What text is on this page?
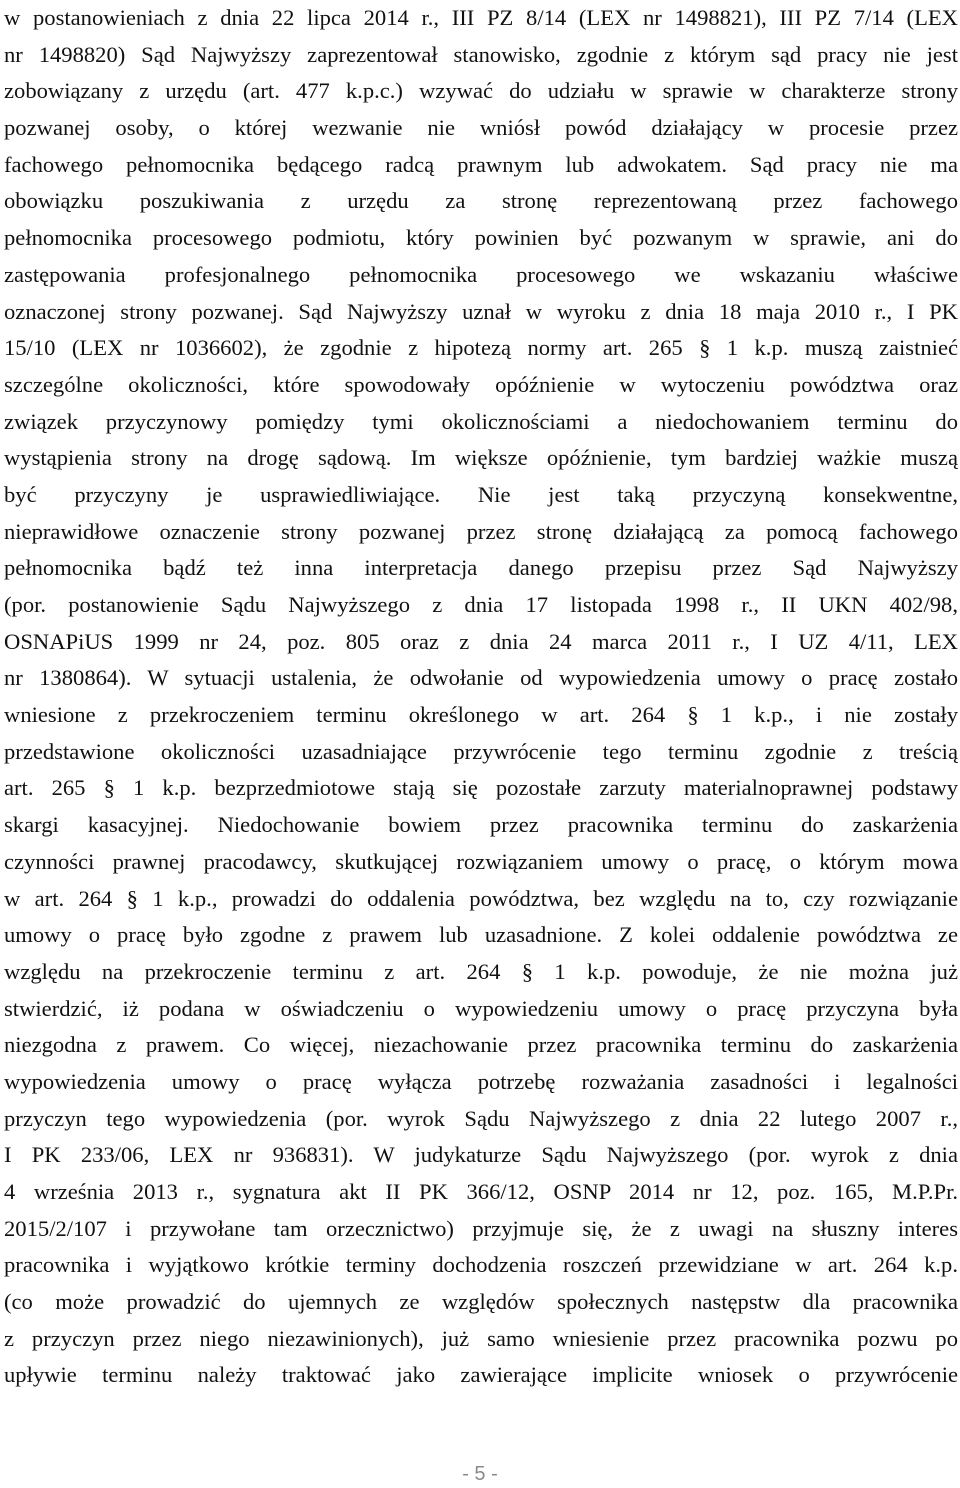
w postanowieniach z dnia 22 lipca 2014 r., III PZ 8/14 (LEX nr 1498821), III PZ 7/14 (LEX
nr 1498820) Sąd Najwyższy zaprezentował stanowisko, zgodnie z którym sąd pracy nie jest
zobowiązany z urzędu (art. 477 k.p.c.) wzywać do udziału w sprawie w charakterze strony
pozwanej osoby, o której wezwanie nie wniósł powód działający w procesie przez
fachowego pełnomocnika będącego radcą prawnym lub adwokatem. Sąd pracy nie ma
obowiązku poszukiwania z urzędu za stronę reprezentowaną przez fachowego
pełnomocnika procesowego podmiotu, który powinien być pozwanym w sprawie, ani do
zastępowania profesjonalnego pełnomocnika procesowego we wskazaniu właściwe
oznaczonej strony pozwanej. Sąd Najwyższy uznał w wyroku z dnia 18 maja 2010 r., I PK
15/10 (LEX nr 1036602), że zgodnie z hipotezą normy art. 265 § 1 k.p. muszą zaistnieć
szczególne okoliczności, które spowodowały opóźnienie w wytoczeniu powództwa oraz
związek przyczynowy pomiędzy tymi okolicznościami a niedochowaniem terminu do
wystąpienia strony na drogę sądową. Im większe opóźnienie, tym bardziej ważkie muszą
być przyczyny je usprawiedliwiające. Nie jest taką przyczyną konsekwentne,
nieprawidłowe oznaczenie strony pozwanej przez stronę działającą za pomocą fachowego
pełnomocnika bądź też inna interpretacja danego przepisu przez Sąd Najwyższy
(por. postanowienie Sądu Najwyższego z dnia 17 listopada 1998 r., II UKN 402/98,
OSNAPiUS 1999 nr 24, poz. 805 oraz z dnia 24 marca 2011 r., I UZ 4/11, LEX
nr 1380864). W sytuacji ustalenia, że odwołanie od wypowiedzenia umowy o pracę zostało
wniesione z przekroczeniem terminu określonego w art. 264 § 1 k.p., i nie zostały
przedstawione okoliczności uzasadniające przywrócenie tego terminu zgodnie z treścią
art. 265 § 1 k.p. bezprzedmiotowe stają się pozostałe zarzuty materialnoprawnej podstawy
skargi kasacyjnej. Niedochowanie bowiem przez pracownika terminu do zaskarżenia
czynności prawnej pracodawcy, skutkującej rozwiązaniem umowy o pracę, o którym mowa
w art. 264 § 1 k.p., prowadzi do oddalenia powództwa, bez względu na to, czy rozwiązanie
umowy o pracę było zgodne z prawem lub uzasadnione. Z kolei oddalenie powództwa ze
względu na przekroczenie terminu z art. 264 § 1 k.p. powoduje, że nie można już
stwierdzić, iż podana w oświadczeniu o wypowiedzeniu umowy o pracę przyczyna była
niezgodna z prawem. Co więcej, niezachowanie przez pracownika terminu do zaskarżenia
wypowiedzenia umowy o pracę wyłącza potrzebę rozważania zasadności i legalności
przyczyn tego wypowiedzenia (por. wyrok Sądu Najwyższego z dnia 22 lutego 2007 r.,
I PK 233/06, LEX nr 936831). W judykaturze Sądu Najwyższego (por. wyrok z dnia
4 września 2013 r., sygnatura akt II PK 366/12, OSNP 2014 nr 12, poz. 165, M.P.Pr.
2015/2/107 i przywołane tam orzecznictwo) przyjmuje się, że z uwagi na słuszny interes
pracownika i wyjątkowo krótkie terminy dochodzenia roszczeń przewidziane w art. 264 k.p.
(co może prowadzić do ujemnych ze względów społecznych następstw dla pracownika
z przyczyn przez niego niezawinionych), już samo wniesienie przez pracownika pozwu po
upływie terminu należy traktować jako zawierające implicite wniosek o przywrócenie
- 5 -
